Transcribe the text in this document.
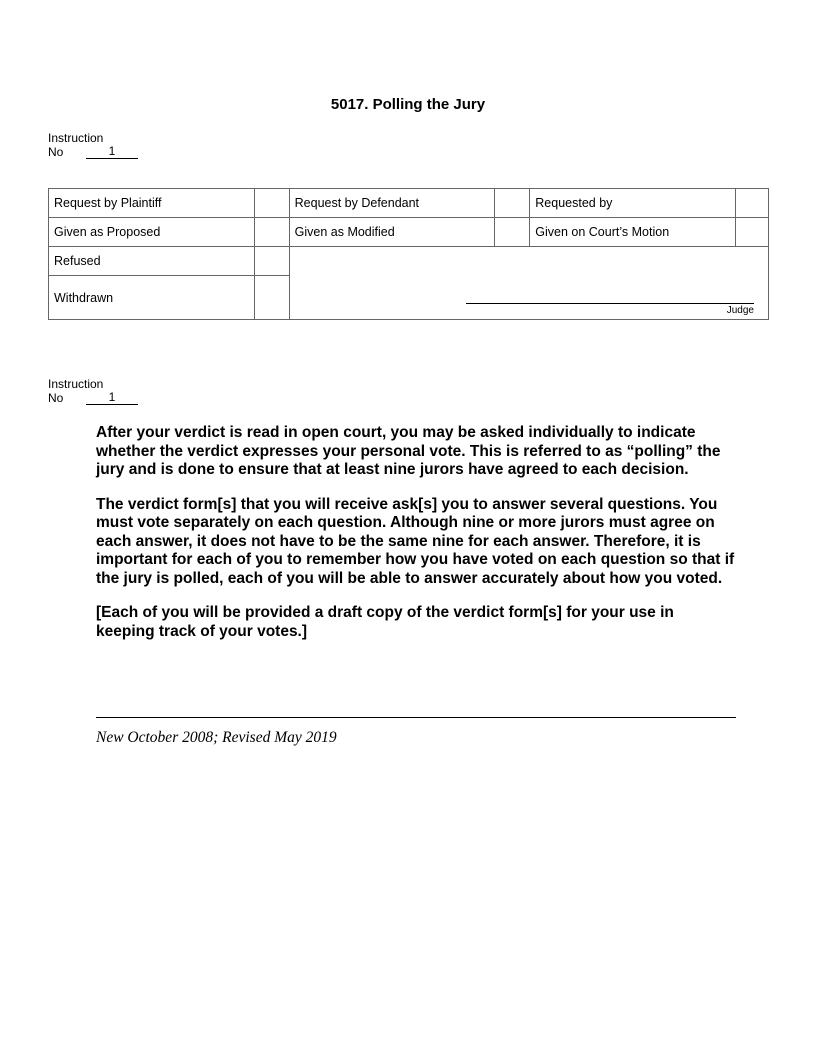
5017. Polling the Jury
Instruction
No	1
Request by Plaintiff		Request by Defendant		Requested by	
Given as Proposed		Given as Modified		Given on Court’s Motion	
Refused		Judge			

Withdrawn					
Instruction
No	1

After your verdict is read in open court, you may be asked individually to indicate whether the verdict expresses your personal vote. This is referred to as “polling” the jury and is done to ensure that at least nine jurors have agreed to each decision.

The verdict form[s] that you will receive ask[s] you to answer several questions. You must vote separately on each question. Although nine or more jurors must agree on each answer, it does not have to be the same nine for each answer. Therefore, it is important for each of you to remember how you have voted on each question so that if the jury is polled, each of you will be able to answer accurately about how you voted.

[Each of you will be provided a draft copy of the verdict form[s] for your use in keeping track of your votes.]

New October 2008; Revised May 2019
